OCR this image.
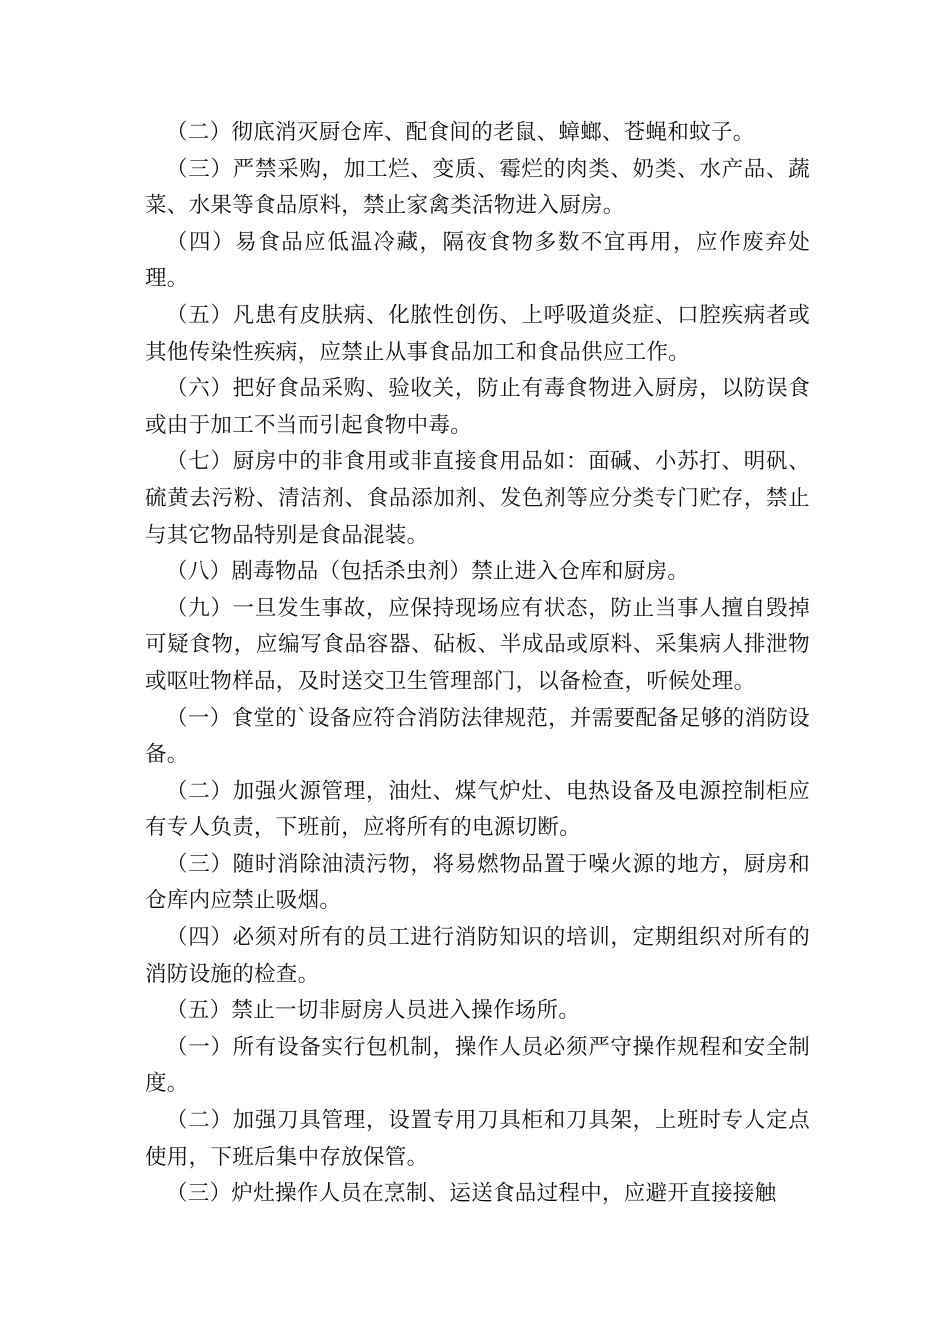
（二）彻底消灭厨仓库、配食间的老鼠、蟑螂、苍蝇和蚊子。

（三）严禁采购，加工烂、变质、霉烂的肉类、奶类、水产品、蔬菜、水果等食品原料，禁止家禽类活物进入厨房。

（四）易食品应低温冷藏，隔夜食物多数不宜再用，应作废弃处理。

（五）凡患有皮肤病、化脓性创伤、上呼吸道炎症、口腔疾病者或其他传染性疾病，应禁止从事食品加工和食品供应工作。

（六）把好食品采购、验收关，防止有毒食物进入厨房，以防误食或由于加工不当而引起食物中毒。

（七）厨房中的非食用或非直接食用品如：面碱、小苏打、明矾、硫黄去污粉、清洁剂、食品添加剂、发色剂等应分类专门贮存，禁止与其它物品特别是食品混装。

（八）剧毒物品（包括杀虫剂）禁止进入仓库和厨房。

（九）一旦发生事故，应保持现场应有状态，防止当事人擅自毁掉可疑食物，应编写食品容器、砧板、半成品或原料、采集病人排泄物或呕吐物样品，及时送交卫生管理部门，以备检查，听候处理。

（一）食堂的`设备应符合消防法律规范，并需要配备足够的消防设备。

（二）加强火源管理，油灶、煤气炉灶、电热设备及电源控制柜应有专人负责，下班前，应将所有的电源切断。

（三）随时消除油渍污物，将易燃物品置于噪火源的地方，厨房和仓库内应禁止吸烟。

（四）必须对所有的员工进行消防知识的培训，定期组织对所有的消防设施的检查。

（五）禁止一切非厨房人员进入操作场所。

（一）所有设备实行包机制，操作人员必须严守操作规程和安全制度。

（二）加强刀具管理，设置专用刀具柜和刀具架，上班时专人定点使用，下班后集中存放保管。

（三）炉灶操作人员在烹制、运送食品过程中，应避开直接接触
